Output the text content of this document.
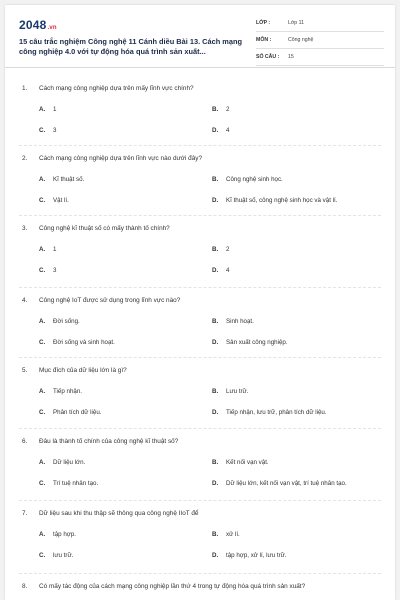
2048.vn
15 câu trắc nghiệm Công nghệ 11 Cánh diều Bài 13. Cách mạng công nghiệp 4.0 với tự động hóa quá trình sản xuất...
LỚP :	Lớp 11
MÔN :	Công nghệ
SỐ CÂU : 15
1. Cách mạng công nghiệp dựa trên mấy lĩnh vực chính?
A. 1	B. 2
C. 3	D. 4
2. Cách mạng công nghiệp dựa trên lĩnh vực nào dưới đây?
A. Kĩ thuật số.	B. Công nghệ sinh học.
C. Vật lí.	D. Kĩ thuật số, công nghệ sinh học và vật lí.
3. Công nghệ kĩ thuật số có mấy thành tố chính?
A. 1	B. 2
C. 3	D. 4
4. Công nghệ IoT được sử dụng trong lĩnh vực nào?
A. Đời sống.	B. Sinh hoạt.
C. Đời sống và sinh hoạt.	D. Sản xuất công nghiệp.
5. Mục đích của dữ liệu lớn là gì?
A. Tiếp nhận.	B. Lưu trữ.
C. Phân tích dữ liệu.	D. Tiếp nhận, lưu trữ, phân tích dữ liệu.
6. Đâu là thành tố chính của công nghệ kĩ thuật số?
A. Dữ liệu lớn.	B. Kết nối vạn vật.
C. Trí tuệ nhân tạo.	D. Dữ liệu lớn, kết nối vạn vật, trí tuệ nhân tạo.
7. Dữ liệu sau khi thu thập sẽ thông qua công nghệ IIoT để
A. tập hợp.	B. xử lí.
C. lưu trữ.	D. tập hợp, xử lí, lưu trữ.
8. Có mấy tác động của cách mạng công nghiệp lần thứ 4 trong tự động hóa quá trình sản xuất?
